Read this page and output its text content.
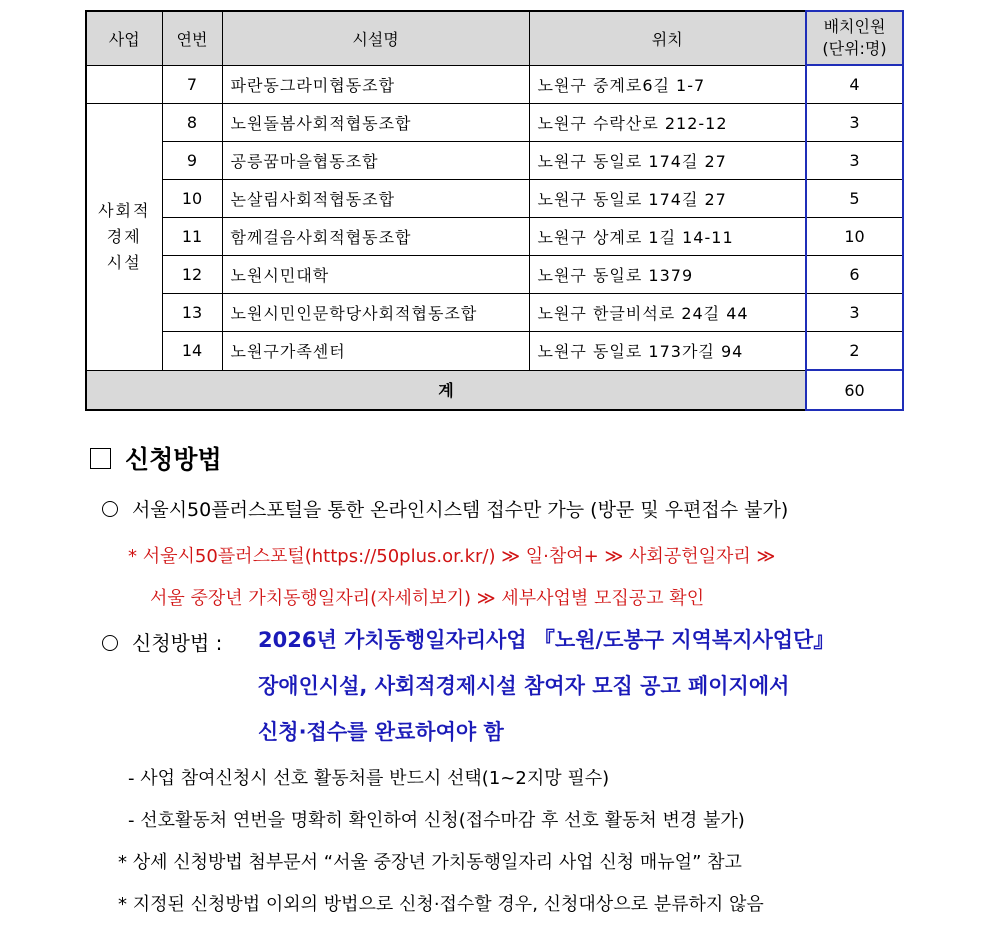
사업	연번	시설명	위치	배치인원
(단위:명)

	7	파란동그라미협동조합	노원구 중계로6길 1-7	4

사회적
경제
시설	8	노원돌봄사회적협동조합	노원구 수락산로 212-12	3
	9	공릉꿈마을협동조합	노원구 동일로 174길 27	3
	10	논살림사회적협동조합	노원구 동일로 174길 27	5
	11	함께걸음사회적협동조합	노원구 상계로 1길 14-11	10
	12	노원시민대학	노원구 동일로 1379	6
	13	노원시민인문학당사회적협동조합	노원구 한글비석로 24길 44	3
	14	노원구가족센터	노원구 동일로 173가길 94	2
계				60
신청방법
서울시50플러스포털을 통한 온라인시스템 접수만 가능 (방문 및 우편접수 불가)
* 서울시50플러스포털(https://50plus.or.kr/) ≫ 일·참여+ ≫ 사회공헌일자리 ≫
서울 중장년 가치동행일자리(자세히보기) ≫ 세부사업별 모집공고 확인
신청방법 : 2026년 가치동행일자리사업 『노원/도봉구 지역복지사업단』
장애인시설, 사회적경제시설 참여자 모집 공고 페이지에서
신청·접수를 완료하여야 함
- 사업 참여신청시 선호 활동처를 반드시 선택(1~2지망 필수)
- 선호활동처 연번을 명확히 확인하여 신청(접수마감 후 선호 활동처 변경 불가)
* 상세 신청방법 첨부문서 “서울 중장년 가치동행일자리 사업 신청 매뉴얼” 참고
* 지정된 신청방법 이외의 방법으로 신청·접수할 경우, 신청대상으로 분류하지 않음
